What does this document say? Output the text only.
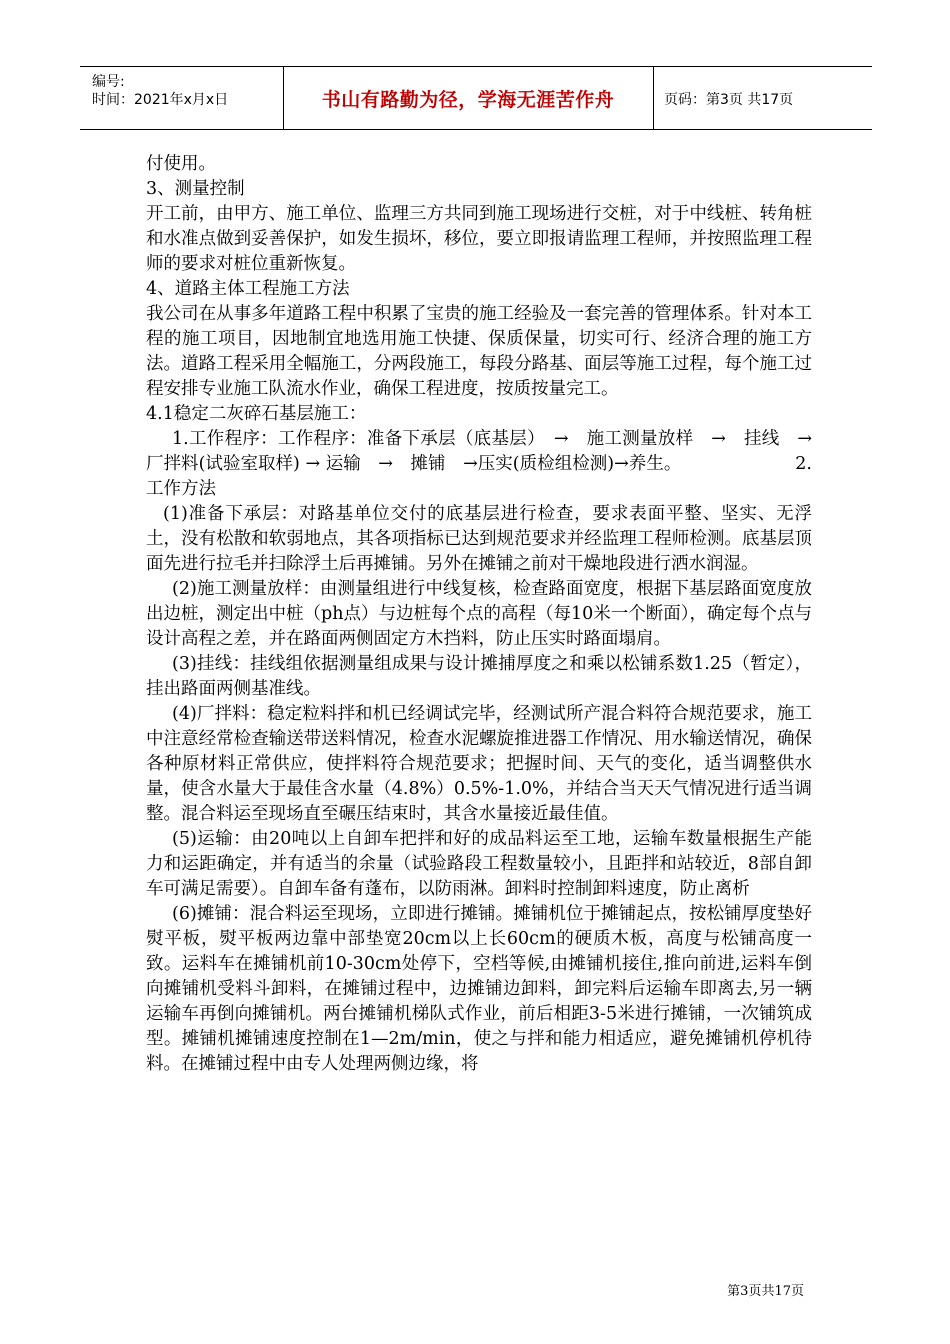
编号:
时间：2021年x月x日	书山有路勤为径，学海无涯苦作舟	页码：第3页 共17页

付使用。

3、测量控制

开工前，由甲方、施工单位、监理三方共同到施工现场进行交桩，对于中线桩、转角桩和水准点做到妥善保护，如发生损坏，移位，要立即报请监理工程师，并按照监理工程师的要求对桩位重新恢复。

4、道路主体工程施工方法

我公司在从事多年道路工程中积累了宝贵的施工经验及一套完善的管理体系。针对本工程的施工项目，因地制宜地选用施工快捷、保质保量，切实可行、经济合理的施工方法。道路工程采用全幅施工，分两段施工，每段分路基、面层等施工过程，每个施工过程安排专业施工队流水作业，确保工程进度，按质按量完工。

4.1稳定二灰碎石基层施工：

1.工作程序：工作程序：准备下承层（底基层）　→　施工测量放样　→　挂线　→厂拌料(试验室取样) → 运输　→　摊铺　→压实(质检组检测)→养生。　　　　　　　2.工作方法

(1)准备下承层：对路基单位交付的底基层进行检查，要求表面平整、坚实、无浮土，没有松散和软弱地点，其各项指标已达到规范要求并经监理工程师检测。底基层顶面先进行拉毛并扫除浮土后再摊铺。另外在摊铺之前对干燥地段进行洒水润湿。

(2)施工测量放样：由测量组进行中线复核，检查路面宽度，根据下基层路面宽度放出边桩，测定出中桩（ph点）与边桩每个点的高程（每10米一个断面），确定每个点与设计高程之差，并在路面两侧固定方木挡料，防止压实时路面塌肩。

(3)挂线：挂线组依据测量组成果与设计摊捕厚度之和乘以松铺系数1.25（暂定），挂出路面两侧基准线。

(4)厂拌料：稳定粒料拌和机已经调试完毕，经测试所产混合料符合规范要求，施工中注意经常检查输送带送料情况，检查水泥螺旋推进器工作情况、用水输送情况，确保各种原材料正常供应，使拌料符合规范要求；把握时间、天气的变化，适当调整供水量，使含水量大于最佳含水量（4.8%）0.5%-1.0%，并结合当天天气情况进行适当调整。混合料运至现场直至碾压结束时，其含水量接近最佳值。

(5)运输：由20吨以上自卸车把拌和好的成品料运至工地，运输车数量根据生产能力和运距确定，并有适当的余量（试验路段工程数量较小，且距拌和站较近，8部自卸车可满足需要）。自卸车备有蓬布，以防雨淋。卸料时控制卸料速度，防止离析

(6)摊铺：混合料运至现场，立即进行摊铺。摊铺机位于摊铺起点，按松铺厚度垫好熨平板，熨平板两边靠中部垫宽20cm以上长60cm的硬质木板，高度与松铺高度一致。运料车在摊铺机前10-30cm处停下，空档等候,由摊铺机接住,推向前进,运料车倒向摊铺机受料斗卸料，在摊铺过程中，边摊铺边卸料，卸完料后运输车即离去,另一辆运输车再倒向摊铺机。两台摊铺机梯队式作业，前后相距3-5米进行摊铺，一次铺筑成型。摊铺机摊铺速度控制在1—2m/min，使之与拌和能力相适应，避免摊铺机停机待料。在摊铺过程中由专人处理两侧边缘，将

第3页共17页
